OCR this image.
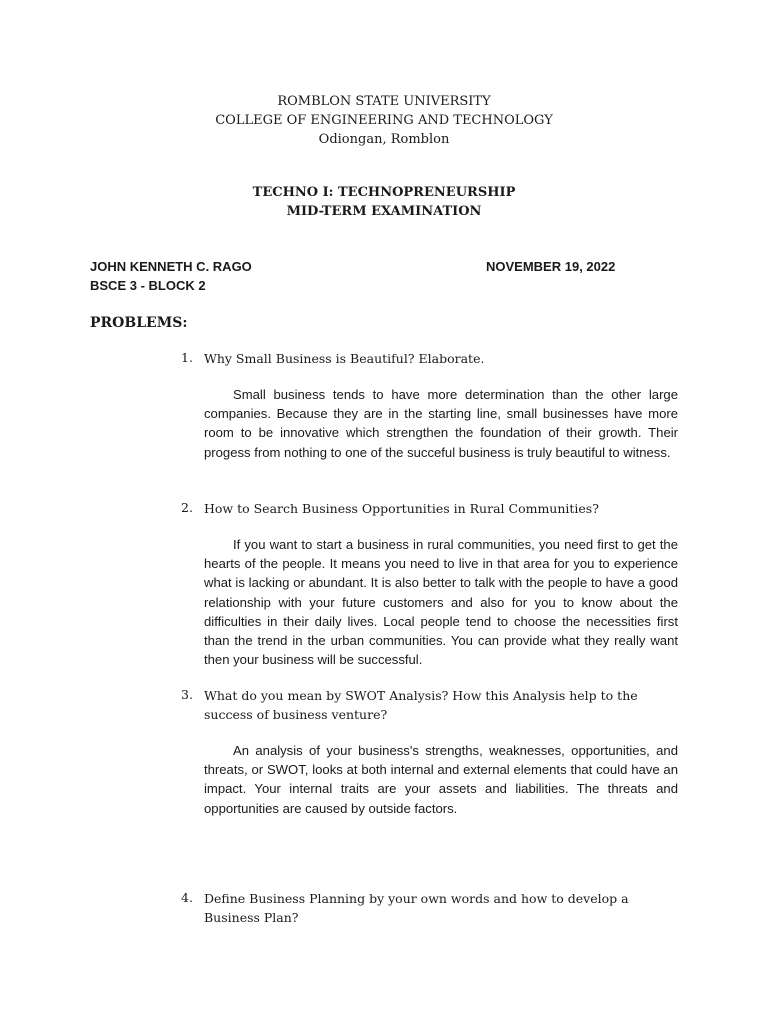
ROMBLON STATE UNIVERSITY
COLLEGE OF ENGINEERING AND TECHNOLOGY
Odiongan, Romblon
TECHNO I: TECHNOPRENEURSHIP
MID-TERM EXAMINATION
JOHN KENNETH C. RAGO
BSCE 3 - BLOCK 2
NOVEMBER 19, 2022
PROBLEMS:
1. Why Small Business is Beautiful? Elaborate.

Small business tends to have more determination than the other large companies. Because they are in the starting line, small businesses have more room to be innovative which strengthen the foundation of their growth. Their progess from nothing to one of the succeful business is truly beautiful to witness.

2. How to Search Business Opportunities in Rural Communities?

If you want to start a business in rural communities, you need first to get the hearts of the people. It means you need to live in that area for you to experience what is lacking or abundant. It is also better to talk with the people to have a good relationship with your future customers and also for you to know about the difficulties in their daily lives. Local people tend to choose the necessities first than the trend in the urban communities. You can provide what they really want then your business will be successful.

3. What do you mean by SWOT Analysis? How this Analysis help to the success of business venture?

An analysis of your business's strengths, weaknesses, opportunities, and threats, or SWOT, looks at both internal and external elements that could have an impact. Your internal traits are your assets and liabilities. The threats and opportunities are caused by outside factors.

4. Define Business Planning by your own words and how to develop a Business Plan?
